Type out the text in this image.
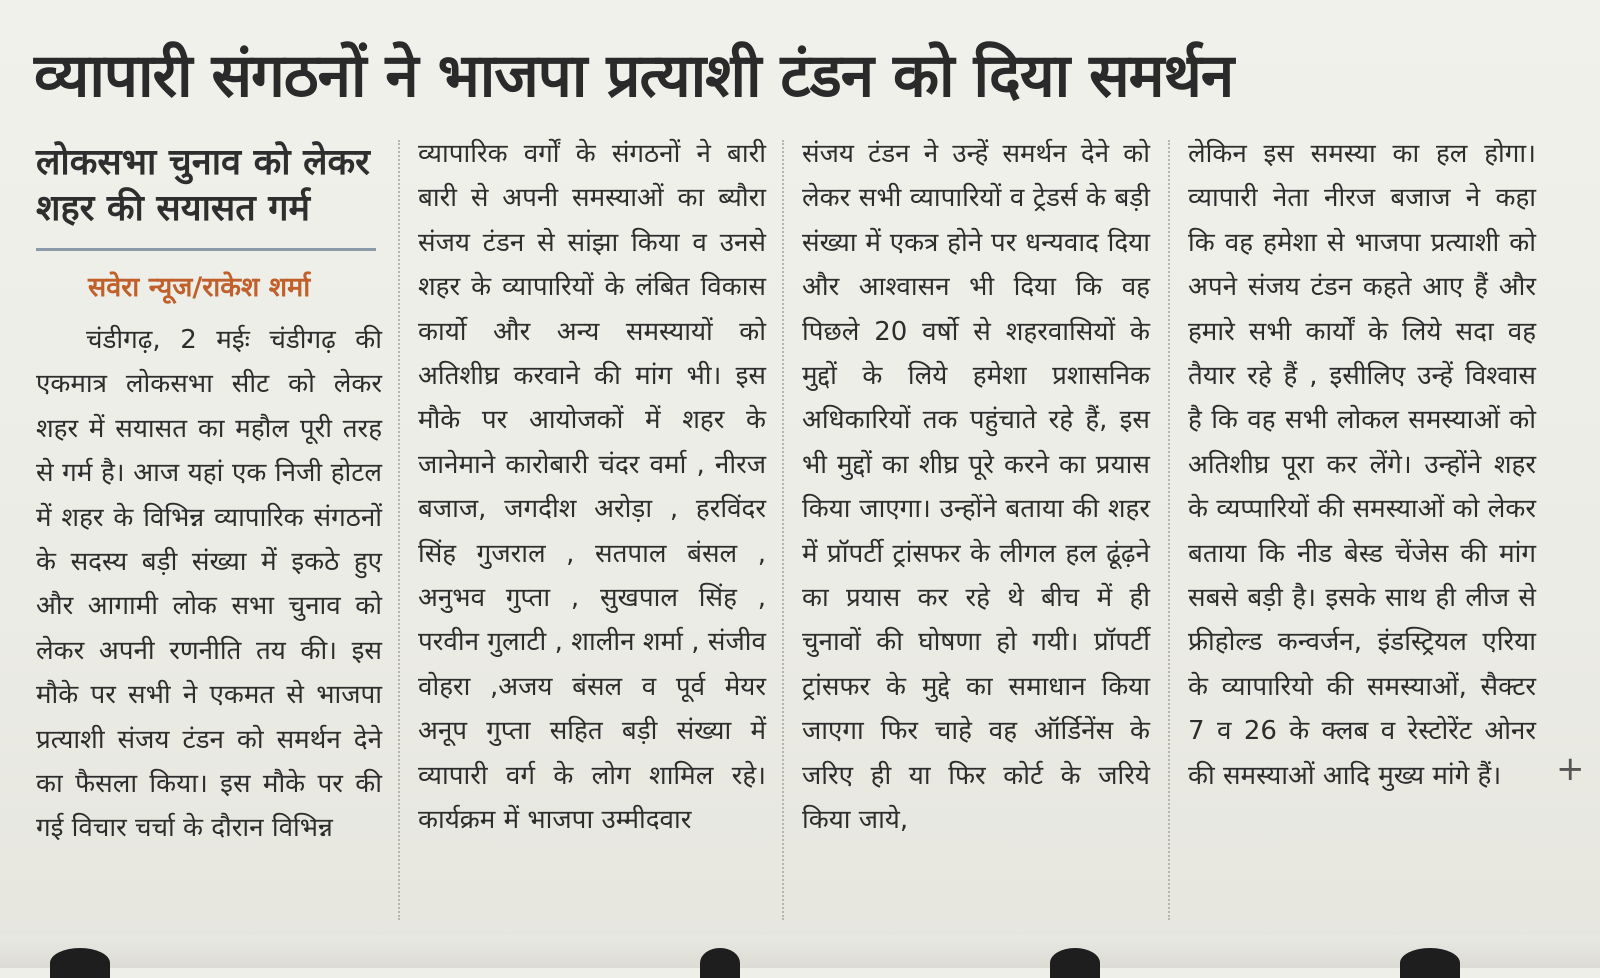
व्यापारी संगठनों ने भाजपा प्रत्याशी टंडन को दिया समर्थन
लोकसभा चुनाव को लेकर शहर की सयासत गर्म
सवेरा न्यूज/राकेश शर्मा

चंडीगढ़, 2 मईः चंडीगढ़ की एकमात्र लोकसभा सीट को लेकर शहर में सयासत का महौल पूरी तरह से गर्म है। आज यहां एक निजी होटल में शहर के विभिन्न व्यापारिक संगठनों के सदस्य बड़ी संख्या में इकठे हुए और आगामी लोक सभा चुनाव को लेकर अपनी रणनीति तय की। इस मौके पर सभी ने एकमत से भाजपा प्रत्याशी संजय टंडन को समर्थन देने का फैसला किया। इस मौके पर की गई विचार चर्चा के दौरान विभिन्न

व्यापारिक वर्गों के संगठनों ने बारी बारी से अपनी समस्याओं का ब्यौरा संजय टंडन से सांझा किया व उनसे शहर के व्यापारियों के लंबित विकास कार्यो और अन्य समस्यायों को अतिशीघ्र करवाने की मांग भी। इस मौके पर आयोजकों में शहर के जानेमाने कारोबारी चंदर वर्मा , नीरज बजाज, जगदीश अरोड़ा , हरविंदर सिंह गुजराल , सतपाल बंसल , अनुभव गुप्ता , सुखपाल सिंह , परवीन गुलाटी , शालीन शर्मा , संजीव वोहरा ,अजय बंसल व पूर्व मेयर अनूप गुप्ता सहित बड़ी संख्या में व्यापारी वर्ग के लोग शामिल रहे। कार्यक्रम में भाजपा उम्मीदवार

संजय टंडन ने उन्हें समर्थन देने को लेकर सभी व्यापारियों व ट्रेडर्स के बड़ी संख्या में एकत्र होने पर धन्यवाद दिया और आश्वासन भी दिया कि वह पिछले 20 वर्षो से शहरवासियों के मुद्दों के लिये हमेशा प्रशासनिक अधिकारियों तक पहुंचाते रहे हैं, इस भी मुद्दों का शीघ्र पूरे करने का प्रयास किया जाएगा। उन्होंने बताया की शहर में प्रॉपर्टी ट्रांसफर के लीगल हल ढूंढ़ने का प्रयास कर रहे थे बीच में ही चुनावों की घोषणा हो गयी। प्रॉपर्टी ट्रांसफर के मुद्दे का समाधान किया जाएगा फिर चाहे वह ऑर्डिनेंस के जरिए ही या फिर कोर्ट के जरिये किया जाये,

लेकिन इस समस्या का हल होगा। व्यापारी नेता नीरज बजाज ने कहा कि वह हमेशा से भाजपा प्रत्याशी को अपने संजय टंडन कहते आए हैं और हमारे सभी कार्यों के लिये सदा वह तैयार रहे हैं , इसीलिए उन्हें विश्वास है कि वह सभी लोकल समस्याओं को अतिशीघ्र पूरा कर लेंगे। उन्होंने शहर के व्यप्पारियों की समस्याओं को लेकर बताया कि नीड बेस्ड चेंजेस की मांग सबसे बड़ी है। इसके साथ ही लीज से फ्रीहोल्ड कन्वर्जन, इंडस्ट्रियल एरिया के व्यापारियो की समस्याओं, सैक्टर 7 व 26 के क्लब व रेस्टोरेंट ओनर की समस्याओं आदि मुख्य मांगे हैं।	+
